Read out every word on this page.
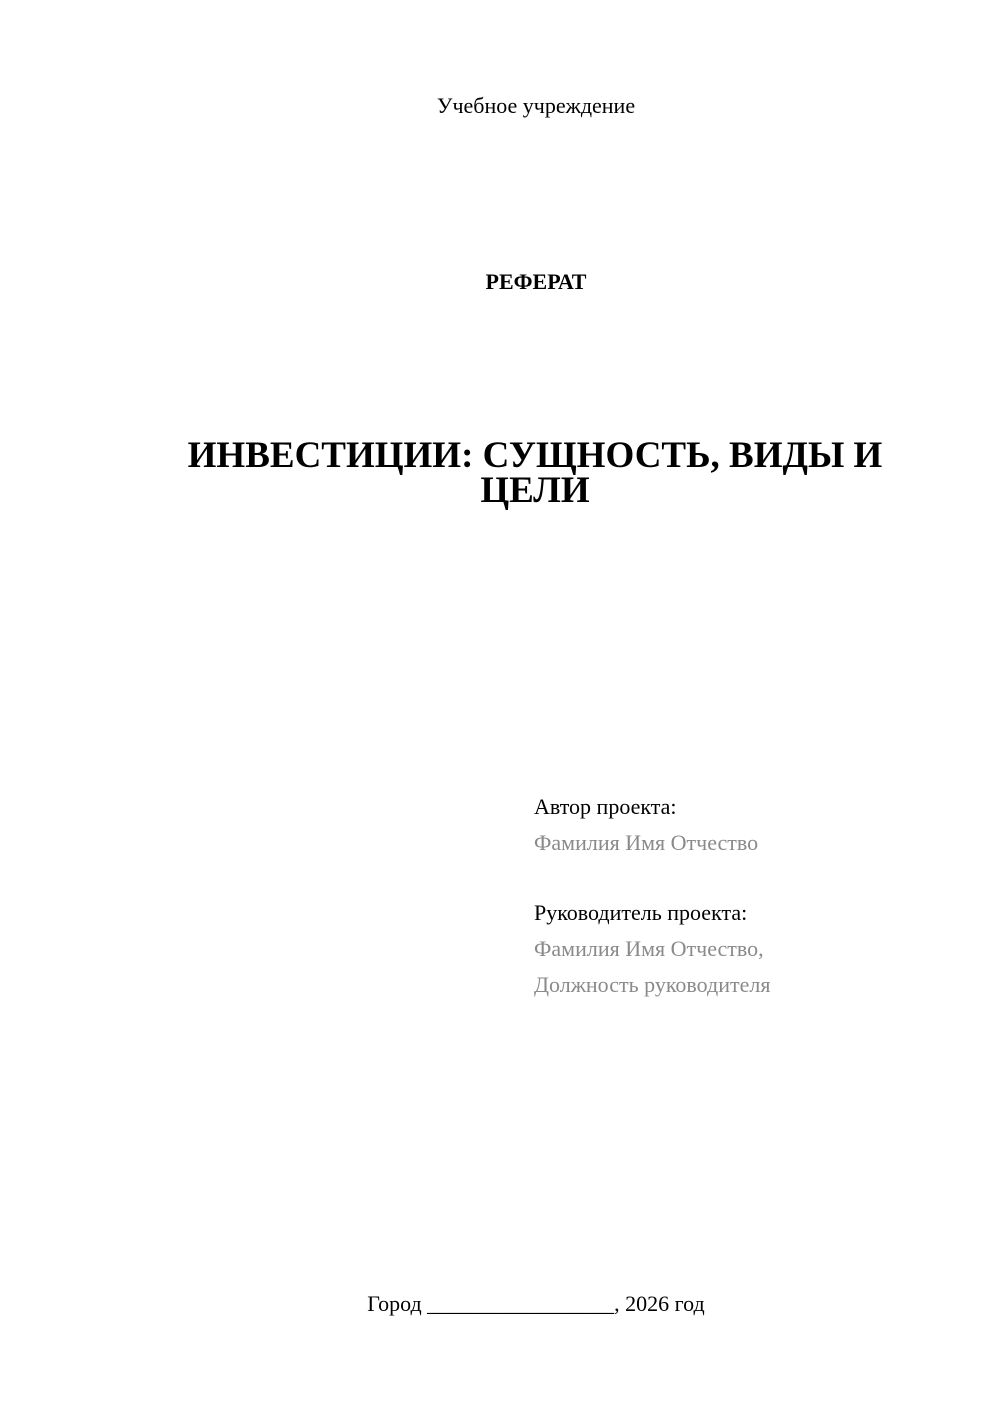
Учебное учреждение
РЕФЕРАТ
ИНВЕСТИЦИИ: СУЩНОСТЬ, ВИДЫ И ЦЕЛИ
Автор проекта:
Фамилия Имя Отчество
Руководитель проекта:
Фамилия Имя Отчество,
Должность руководителя
Город _________________, 2026 год
